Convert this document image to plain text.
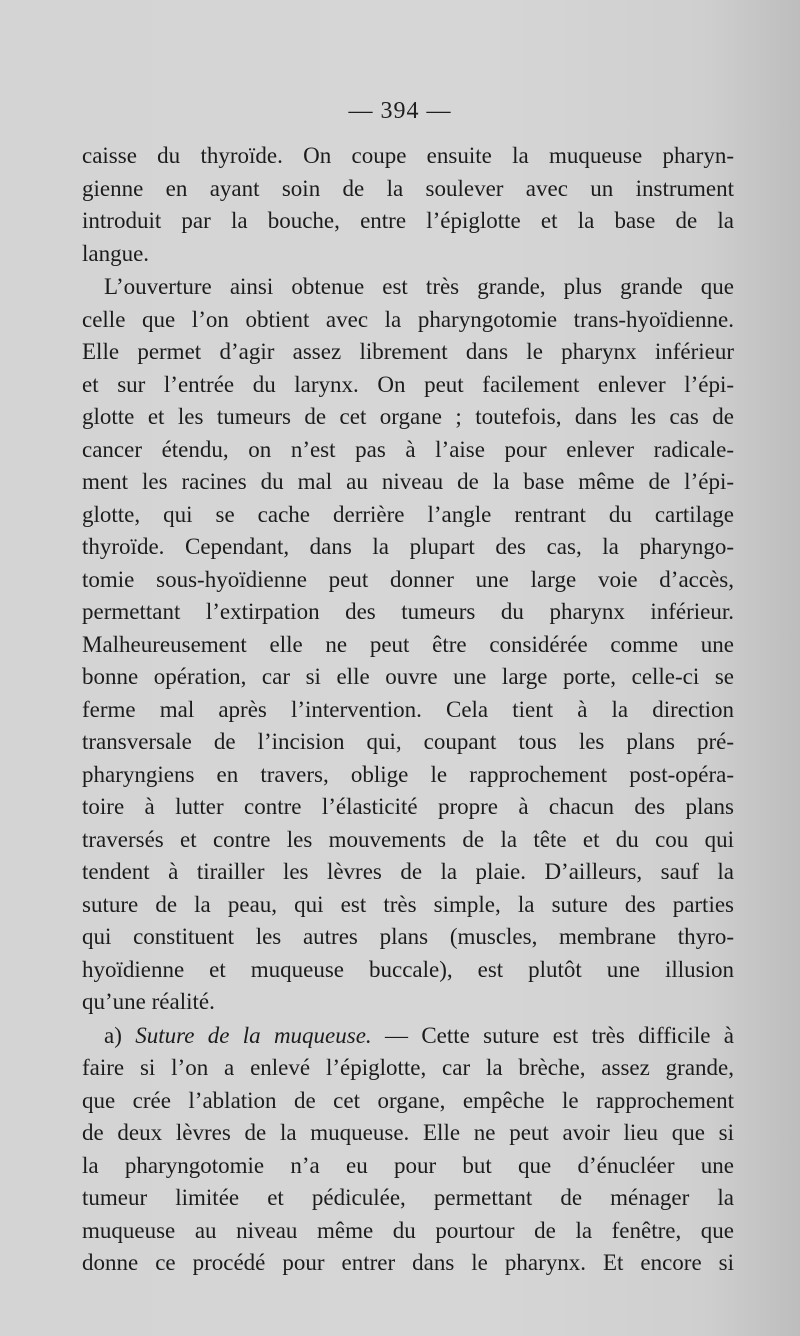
— 394 —
caisse du thyroïde. On coupe ensuite la muqueuse pharyn-
gienne en ayant soin de la soulever avec un instrument
introduit par la bouche, entre l’épiglotte et la base de la
langue.
L’ouverture ainsi obtenue est très grande, plus grande que
celle que l’on obtient avec la pharyngotomie trans-hyoïdienne.
Elle permet d’agir assez librement dans le pharynx inférieur
et sur l’entrée du larynx. On peut facilement enlever l’épi-
glotte et les tumeurs de cet organe ; toutefois, dans les cas de
cancer étendu, on n’est pas à l’aise pour enlever radicale-
ment les racines du mal au niveau de la base même de l’épi-
glotte, qui se cache derrière l’angle rentrant du cartilage
thyroïde. Cependant, dans la plupart des cas, la pharyngo-
tomie sous-hyoïdienne peut donner une large voie d’accès,
permettant l’extirpation des tumeurs du pharynx inférieur.
Malheureusement elle ne peut être considérée comme une
bonne opération, car si elle ouvre une large porte, celle-ci se
ferme mal après l’intervention. Cela tient à la direction
transversale de l’incision qui, coupant tous les plans pré-
pharyngiens en travers, oblige le rapprochement post-opéra-
toire à lutter contre l’élasticité propre à chacun des plans
traversés et contre les mouvements de la tête et du cou qui
tendent à tirailler les lèvres de la plaie. D’ailleurs, sauf la
suture de la peau, qui est très simple, la suture des parties
qui constituent les autres plans (muscles, membrane thyro-
hyoïdienne et muqueuse buccale), est plutôt une illusion
qu’une réalité.
a) Suture de la muqueuse. — Cette suture est très difficile à
faire si l’on a enlevé l’épiglotte, car la brèche, assez grande,
que crée l’ablation de cet organe, empêche le rapprochement
de deux lèvres de la muqueuse. Elle ne peut avoir lieu que si
la pharyngotomie n’a eu pour but que d’énucléer une
tumeur limitée et pédiculée, permettant de ménager la
muqueuse au niveau même du pourtour de la fenêtre, que
donne ce procédé pour entrer dans le pharynx. Et encore si
